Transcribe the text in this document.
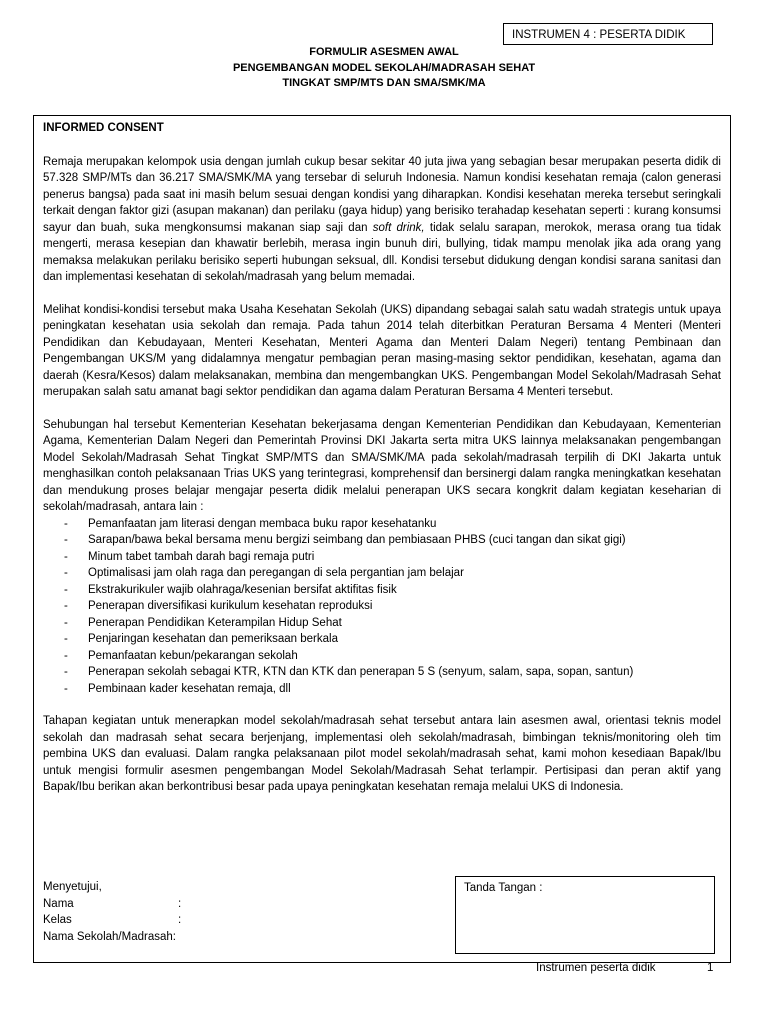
INSTRUMEN 4 : PESERTA DIDIK
FORMULIR ASESMEN AWAL
PENGEMBANGAN MODEL SEKOLAH/MADRASAH SEHAT
TINGKAT SMP/MTS DAN SMA/SMK/MA
INFORMED CONSENT

Remaja merupakan kelompok usia dengan jumlah cukup besar sekitar 40 juta jiwa yang sebagian besar merupakan peserta didik di 57.328 SMP/MTs dan 36.217 SMA/SMK/MA yang tersebar di seluruh Indonesia. Namun kondisi kesehatan remaja (calon generasi penerus bangsa) pada saat ini masih belum sesuai dengan kondisi yang diharapkan. Kondisi kesehatan mereka tersebut seringkali terkait dengan faktor gizi (asupan makanan) dan perilaku (gaya hidup) yang berisiko terahadap kesehatan seperti : kurang konsumsi sayur dan buah, suka mengkonsumsi makanan siap saji dan soft drink, tidak selalu sarapan, merokok, merasa orang tua tidak mengerti, merasa kesepian dan khawatir berlebih, merasa ingin bunuh diri, bullying, tidak mampu menolak jika ada orang yang memaksa melakukan perilaku berisiko seperti hubungan seksual, dll. Kondisi tersebut didukung dengan kondisi sarana sanitasi dan dan implementasi kesehatan di sekolah/madrasah yang belum memadai.

Melihat kondisi-kondisi tersebut maka Usaha Kesehatan Sekolah (UKS) dipandang sebagai salah satu wadah strategis untuk upaya peningkatan kesehatan usia sekolah dan remaja. Pada tahun 2014 telah diterbitkan Peraturan Bersama 4 Menteri (Menteri Pendidikan dan Kebudayaan, Menteri Kesehatan, Menteri Agama dan Menteri Dalam Negeri) tentang Pembinaan dan Pengembangan UKS/M yang didalamnya mengatur pembagian peran masing-masing sektor pendidikan, kesehatan, agama dan daerah (Kesra/Kesos) dalam melaksanakan, membina dan mengembangkan UKS. Pengembangan Model Sekolah/Madrasah Sehat merupakan salah satu amanat bagi sektor pendidikan dan agama dalam Peraturan Bersama 4 Menteri tersebut.

Sehubungan hal tersebut Kementerian Kesehatan bekerjasama dengan Kementerian Pendidikan dan Kebudayaan, Kementerian Agama, Kementerian Dalam Negeri dan Pemerintah Provinsi DKI Jakarta serta mitra UKS lainnya melaksanakan pengembangan Model Sekolah/Madrasah Sehat Tingkat SMP/MTS dan SMA/SMK/MA pada sekolah/madrasah terpilih di DKI Jakarta untuk menghasilkan contoh pelaksanaan Trias UKS yang terintegrasi, komprehensif dan bersinergi dalam rangka meningkatkan kesehatan dan mendukung proses belajar mengajar peserta didik melalui penerapan UKS secara kongkrit dalam kegiatan keseharian di sekolah/madrasah, antara lain :

- Pemanfaatan jam literasi dengan membaca buku rapor kesehatanku
- Sarapan/bawa bekal bersama menu bergizi seimbang dan pembiasaan PHBS (cuci tangan dan sikat gigi)
- Minum tabet tambah darah bagi remaja putri
- Optimalisasi jam olah raga dan peregangan di sela pergantian jam belajar
- Ekstrakurikuler wajib olahraga/kesenian bersifat aktifitas fisik
- Penerapan diversifikasi kurikulum kesehatan reproduksi
- Penerapan Pendidikan Keterampilan Hidup Sehat
- Penjaringan kesehatan dan pemeriksaan berkala
- Pemanfaatan kebun/pekarangan sekolah
- Penerapan sekolah sebagai KTR, KTN dan KTK dan penerapan 5 S (senyum, salam, sapa, sopan, santun)
- Pembinaan kader kesehatan remaja, dll

Tahapan kegiatan untuk menerapkan model sekolah/madrasah sehat tersebut antara lain asesmen awal, orientasi teknis model sekolah dan madrasah sehat secara berjenjang, implementasi oleh sekolah/madrasah, bimbingan teknis/monitoring oleh tim pembina UKS dan evaluasi. Dalam rangka pelaksanaan pilot model sekolah/madrasah sehat, kami mohon kesediaan Bapak/Ibu untuk mengisi formulir asesmen pengembangan Model Sekolah/Madrasah Sehat terlampir. Pertisipasi dan peran aktif yang Bapak/Ibu berikan akan berkontribusi besar pada upaya peningkatan kesehatan remaja melalui UKS di Indonesia.

Menyetujui,
Nama	:
Kelas	:
Nama Sekolah/Madrasah:
Tanda Tangan :
Instrumen peserta didik	1
